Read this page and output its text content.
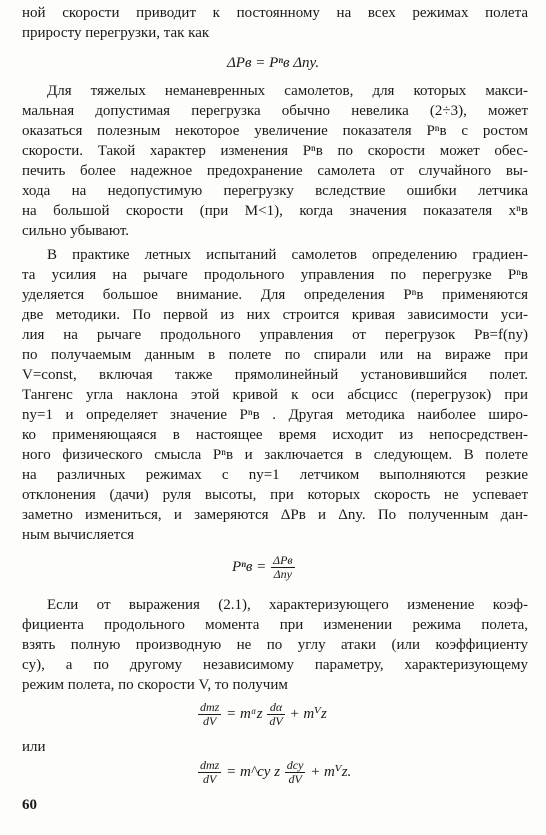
ной скорости приводит к постоянному на всех режимах полета
приросту перегрузки, так как
ΔPв = Pⁿв Δny.
Для тяжелых неманевренных самолетов, для которых макси-
мальная допустимая перегрузка обычно невелика (2÷3), может
оказаться полезным некоторое увеличение показателя Pⁿв с ростом
скорости. Такой характер изменения Pⁿв по скорости может обес-
печить более надежное предохранение самолета от случайного вы-
хода на недопустимую перегрузку вследствие ошибки летчика
на большой скорости (при M<1), когда значения показателя xⁿв
сильно убывают.
В практике летных испытаний самолетов определению градиен-
та усилия на рычаге продольного управления по перегрузке Pⁿв
уделяется большое внимание. Для определения Pⁿв применяются
две методики. По первой из них строится кривая зависимости уси-
лия на рычаге продольного управления от перегрузок Pв=f(ny)
по получаемым данным в полете по спирали или на вираже при
V=const, включая также прямолинейный установившийся полет.
Тангенс угла наклона этой кривой к оси абсцисс (перегрузок) при
ny=1 и определяет значение Pⁿв . Другая методика наиболее широ-
ко применяющаяся в настоящее время исходит из непосредствен-
ного физического смысла Pⁿв и заключается в следующем. В полете
на различных режимах с ny=1 летчиком выполняются резкие
отклонения (дачи) руля высоты, при которых скорость не успевает
заметно измениться, и замеряются ΔPв и Δny. По полученным дан-
ным вычисляется
$P^nв = \frac{\text{ΔPв}}{\text{Δny}}$
Если от выражения (2.1), характеризующего изменение коэф-
фициента продольного момента при изменении режима полета,
взять полную производную не по углу атаки (или коэффициенту
cy), а по другому независимому параметру, характеризующему
режим полета, по скорости V, то получим
$\frac{\text{dmz}}{dV}$ = mᵅz $\frac{d\alpha}{dV}$ + mⱽz
или
$\frac{\text{dmz}}{dV}$ = m^cy z $\frac{\text{dcy}}{dV}$ + mⱽz.
60
